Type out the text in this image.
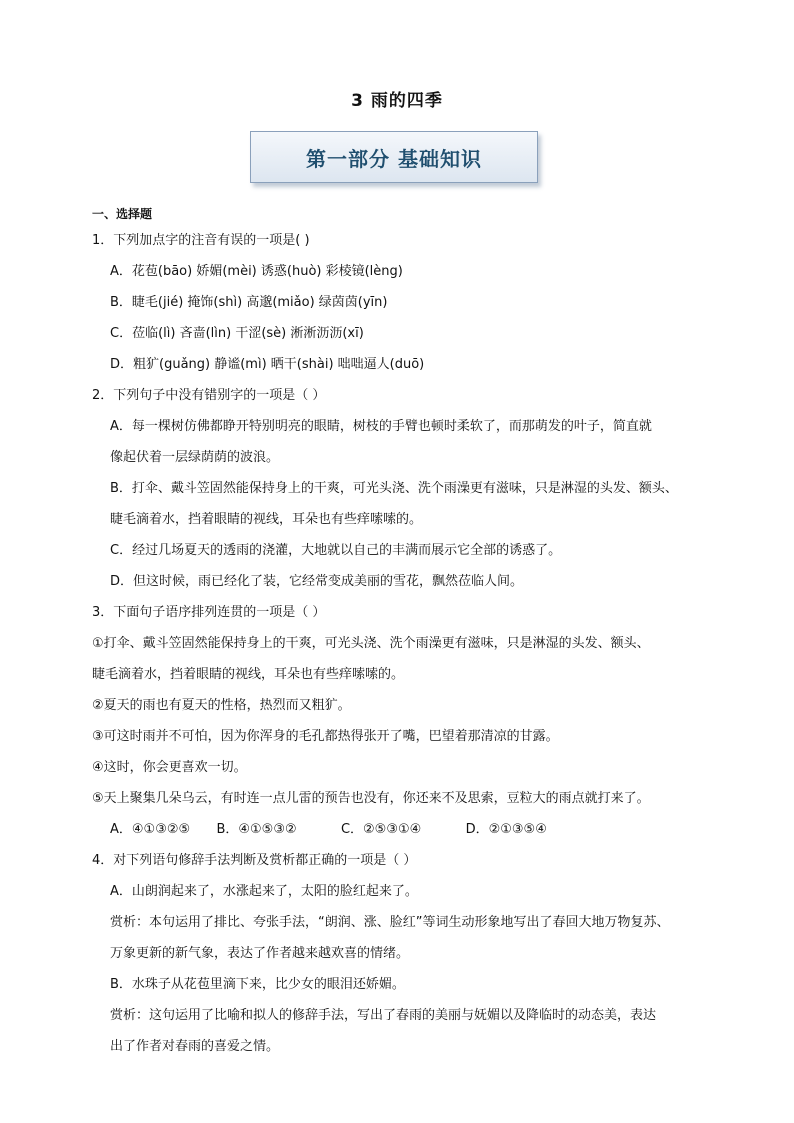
3 雨的四季
第一部分 基础知识
一、选择题
1．下列加点字的注音有误的一项是( )
A．花苞(bāo) 娇媚(mèi) 诱惑(huò) 彩棱镜(lèng)
B．睫毛(jié) 掩饰(shì) 高邈(miǎo) 绿茵茵(yīn)
C．莅临(lì) 吝啬(lìn) 干涩(sè) 淅淅沥沥(xī)
D．粗犷(guǎng) 静谧(mì) 晒干(shài) 咄咄逼人(duō)
2．下列句子中没有错别字的一项是（ ）
A．每一棵树仿佛都睁开特别明亮的眼睛，树枝的手臂也顿时柔软了，而那萌发的叶子，简直就
像起伏着一层绿荫荫的波浪。
B．打伞、戴斗笠固然能保持身上的干爽，可光头浇、洗个雨澡更有滋味，只是淋湿的头发、额头、
睫毛滴着水，挡着眼睛的视线，耳朵也有些痒嗦嗦的。
C．经过几场夏天的透雨的浇灌，大地就以自己的丰满而展示它全部的诱惑了。
D．但这时候，雨已经化了装，它经常变成美丽的雪花，飘然莅临人间。
3．下面句子语序排列连贯的一项是（ ）
①打伞、戴斗笠固然能保持身上的干爽，可光头浇、洗个雨澡更有滋味，只是淋湿的头发、额头、
睫毛滴着水，挡着眼睛的视线，耳朵也有些痒嗦嗦的。
②夏天的雨也有夏天的性格，热烈而又粗犷。
③可这时雨并不可怕，因为你浑身的毛孔都热得张开了嘴，巴望着那清凉的甘露。
④这时，你会更喜欢一切。
⑤天上聚集几朵乌云，有时连一点儿雷的预告也没有，你还来不及思索，豆粒大的雨点就打来了。
A．④①③②⑤ B．④①⑤③②	C．②⑤③①④	D．②①③⑤④
4．对下列语句修辞手法判断及赏析都正确的一项是（ ）
A．山朗润起来了，水涨起来了，太阳的脸红起来了。
赏析：本句运用了排比、夸张手法，“朗润、涨、脸红”等词生动形象地写出了春回大地万物复苏、
万象更新的新气象，表达了作者越来越欢喜的情绪。
B．水珠子从花苞里滴下来，比少女的眼泪还娇媚。
赏析：这句运用了比喻和拟人的修辞手法，写出了春雨的美丽与妩媚以及降临时的动态美，表达
出了作者对春雨的喜爱之情。
